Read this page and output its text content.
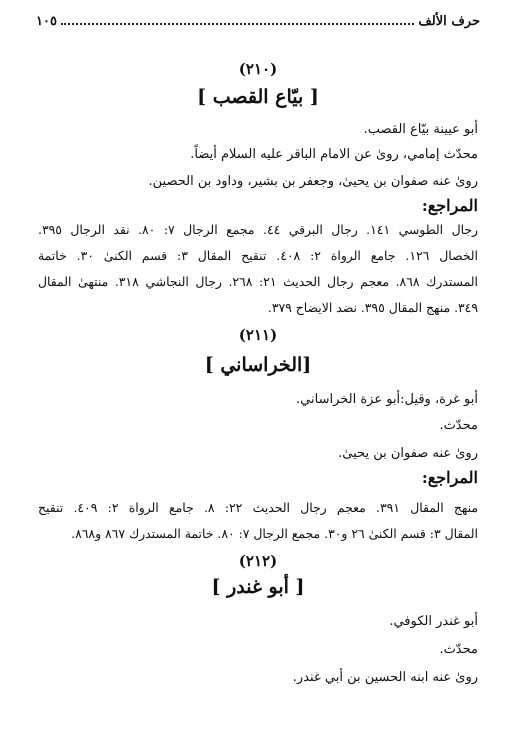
حرف الألف
١٠٥
(٢١٠)
[ بيّاع القصب ]
أبو عيينة بيّاع القصب.
محدّث إمامي، روىٰ عن الامام الباقر عليه السلام أيضاً.
روىٰ عنه صفوان بن يحيىٰ، وجعفر بن بشير، وداود بن الحصين.
المراجع:
رجال الطوسي ١٤١. رجال البرقي ٤٤. مجمع الرجال ٧: ٨٠. نقد الرجال ٣٩٥.
الخصال ١٢٦. جامع الرواة ٢: ٤٠٨. تنقيح المقال ٣: قسم الكنىٰ ٣٠. خاتمة
المستدرك ٨٦٨. معجم رجال الحديث ٢١: ٢٦٨. رجال النجاشي ٣١٨. منتهىٰ المقال
٣٤٩. منهج المقال ٣٩٥. نضد الايضاح ٣٧٩.
(٢١١)
[الخراساني ]
أبو غرة، وقيل:أبو عزة الخراساني.
محدّث.
روىٰ عنه صفوان بن يحيىٰ.
المراجع:
منهج المقال ٣٩١. معجم رجال الحديث ٢٢: ٨. جامع الرواة ٢: ٤٠٩. تنقيح
المقال ٣: قسم الكنىٰ ٢٦ و٣٠. مجمع الرجال ٧: ٨٠. خاتمة المستدرك ٨٦٧ و٨٦٨.
(٢١٢)
[ أبو غندر ]
أبو غندر الكوفي.
محدّث.
روىٰ عنه ابنه الحسين بن أبي غندر.
